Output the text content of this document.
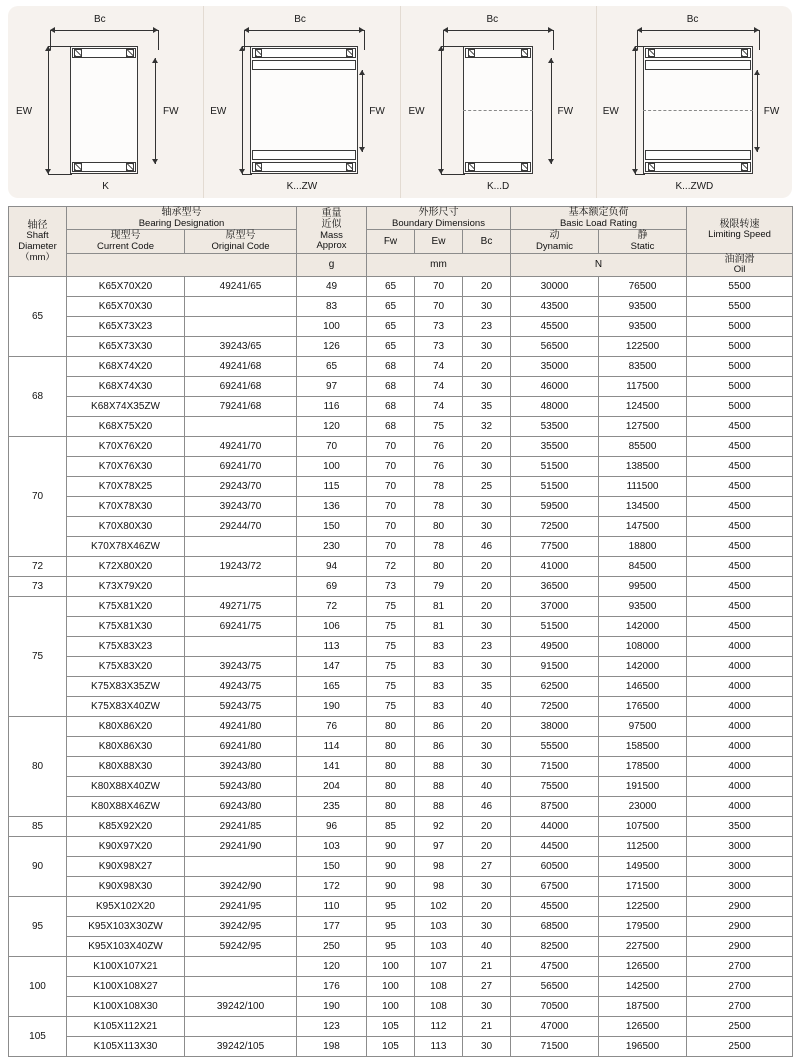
Bc
EW	FW
K
Bc
EW	FW
K...ZW
Bc
EW	FW
K...D
Bc
EW	FW
K...ZWD
轴径
Shaft
Diameter
（mm）	轴承型号
Bearing Designation		重量
近似
Mass
Approx	外形尺寸
Boundary Dimensions			基本额定负荷
Basic Load Rating		极限转速
Limiting Speed

	现型号
Current Code	原型号
Original Code		Fw	Ew	Bc	动
Dynamic	静
Static	

			g	mm			N		油润滑
Oil

65	K65X70X20	49241/65	49	65	70	20	30000	76500	5500
	K65X70X30		83	65	70	30	43500	93500	5500
	K65X73X23		100	65	73	23	45500	93500	5000
	K65X73X30	39243/65	126	65	73	30	56500	122500	5000
68	K68X74X20	49241/68	65	68	74	20	35000	83500	5000
	K68X74X30	69241/68	97	68	74	30	46000	117500	5000
	K68X74X35ZW	79241/68	116	68	74	35	48000	124500	5000
	K68X75X20		120	68	75	32	53500	127500	4500
70	K70X76X20	49241/70	70	70	76	20	35500	85500	4500
	K70X76X30	69241/70	100	70	76	30	51500	138500	4500
	K70X78X25	29243/70	115	70	78	25	51500	111500	4500
	K70X78X30	39243/70	136	70	78	30	59500	134500	4500
	K70X80X30	29244/70	150	70	80	30	72500	147500	4500
	K70X78X46ZW		230	70	78	46	77500	18800	4500
72	K72X80X20	19243/72	94	72	80	20	41000	84500	4500
73	K73X79X20		69	73	79	20	36500	99500	4500
75	K75X81X20	49271/75	72	75	81	20	37000	93500	4500
	K75X81X30	69241/75	106	75	81	30	51500	142000	4500
	K75X83X23		113	75	83	23	49500	108000	4000
	K75X83X20	39243/75	147	75	83	30	91500	142000	4000
	K75X83X35ZW	49243/75	165	75	83	35	62500	146500	4000
	K75X83X40ZW	59243/75	190	75	83	40	72500	176500	4000
80	K80X86X20	49241/80	76	80	86	20	38000	97500	4000
	K80X86X30	69241/80	114	80	86	30	55500	158500	4000
	K80X88X30	39243/80	141	80	88	30	71500	178500	4000
	K80X88X40ZW	59243/80	204	80	88	40	75500	191500	4000
	K80X88X46ZW	69243/80	235	80	88	46	87500	23000	4000
85	K85X92X20	29241/85	96	85	92	20	44000	107500	3500
90	K90X97X20	29241/90	103	90	97	20	44500	112500	3000
	K90X98X27		150	90	98	27	60500	149500	3000
	K90X98X30	39242/90	172	90	98	30	67500	171500	3000
95	K95X102X20	29241/95	110	95	102	20	45500	122500	2900
	K95X103X30ZW	39242/95	177	95	103	30	68500	179500	2900
	K95X103X40ZW	59242/95	250	95	103	40	82500	227500	2900
100	K100X107X21		120	100	107	21	47500	126500	2700
	K100X108X27		176	100	108	27	56500	142500	2700
	K100X108X30	39242/100	190	100	108	30	70500	187500	2700
105	K105X112X21		123	105	112	21	47000	126500	2500
	K105X113X30	39242/105	198	105	113	30	71500	196500	2500
